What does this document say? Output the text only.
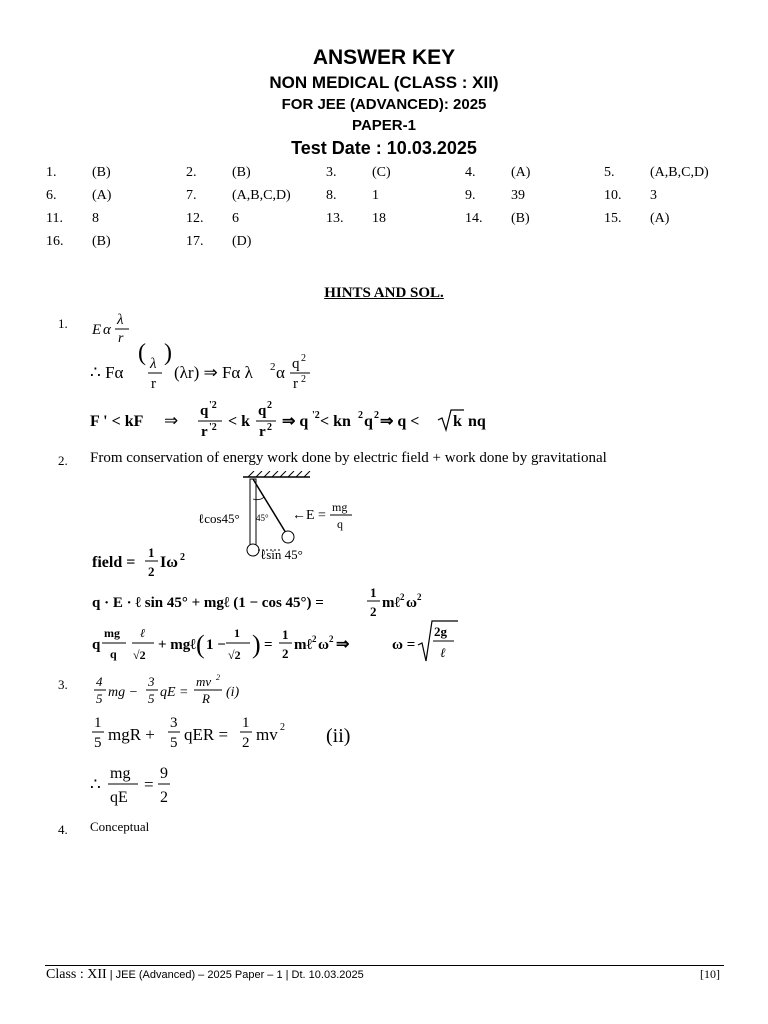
ANSWER KEY
NON MEDICAL (CLASS : XII)
FOR JEE (ADVANCED): 2025
PAPER-1
Test Date : 10.03.2025
1.	(B)	2.	(B)	3.	(C)	4.	(A)	5.	(A,B,C,D)
6.	(A)	7.	(A,B,C,D)	8.	1	9.	39	10. 3
11. 8	12. 6	13. 18	14. (B)	15. (A)
16. (B)	17. (D)
HINTS AND SOL.
1. E α
λ
r
∴ Fα
( λ
r
)
(λr) ⇒ Fα λ 2 α q 2
r 2
F ' < kF ⇒ q '2
r '2 < k
q 2
r 2 ⇒ q '2 < kn 2 q 2 ⇒ q < k nq
2. From conservation of energy work done by electric field + work done by gravitational
ℓcos45° 45° ←E =
mg
q
ℓsin 45°
field =
1
2
Iω 2
q · E · ℓ sin 45° + mgℓ (1 − cos 45°) =
1
2
mℓ 2 ω 2
q
mg
q
ℓ
√2
+ mgℓ ( 1 −
1
√2 ) =
1
2
mℓ 2 ω 2 ⇒	ω =
2g
ℓ
3. 4
5 mg −
3
5 qE =
mv 2
R (i)
1
5 mgR +
3
5 qER =
1
2 mv 2 (ii)
∴
mg
qE
=
9
2
4. Conceptual
Class : XII | JEE (Advanced) – 2025 Paper – 1 | Dt. 10.03.2025	[10]
